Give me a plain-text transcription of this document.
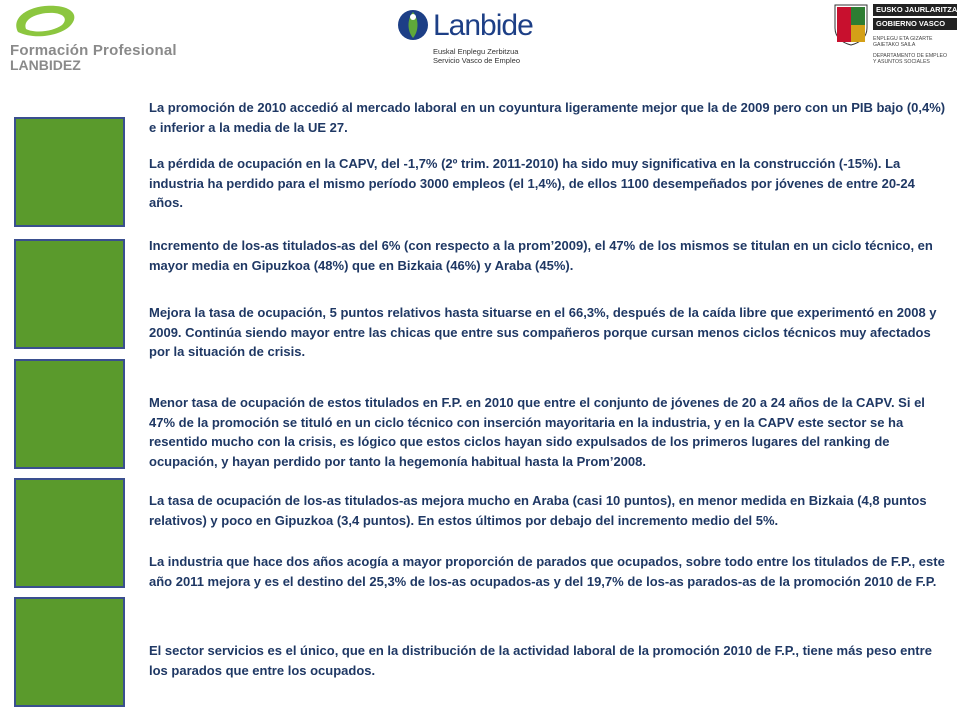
Formación Profesional
LANBIDEZ
Lanbide
Euskal Enplegu Zerbitzua
Servicio Vasco de Empleo
EUSKO JAURLARITZA
GOBIERNO VASCO
ENPLEGU ETA GIZARTE
GAIETAKO SAILA
DEPARTAMENTO DE EMPLEO
Y ASUNTOS SOCIALES

La promoción de 2010 accedió al mercado laboral en un coyuntura ligeramente mejor que la de 2009 pero con un PIB bajo (0,4%) e inferior a la media de la UE 27.

La pérdida de ocupación en la CAPV, del -1,7% (2º trim. 2011-2010) ha sido muy significativa en la construcción (-15%). La industria ha perdido para el mismo período 3000 empleos (el 1,4%), de ellos 1100 desempeñados por jóvenes de entre 20-24 años.

Incremento de los-as titulados-as del 6% (con respecto a la prom’2009), el 47% de los mismos se titulan en un ciclo técnico, en mayor media en Gipuzkoa (48%) que en Bizkaia (46%) y Araba (45%).

Mejora la tasa de ocupación, 5 puntos relativos hasta situarse en el 66,3%, después de la caída libre que experimentó en 2008 y 2009. Continúa siendo mayor entre las chicas que entre sus compañeros porque cursan menos ciclos técnicos muy afectados por la situación de crisis.

Menor tasa de ocupación de estos titulados en F.P. en 2010 que entre el conjunto de jóvenes de 20 a 24 años de la CAPV. Si el 47% de la promoción se tituló en un ciclo técnico con inserción mayoritaria en la industria, y en la CAPV este sector se ha resentido mucho con la crisis, es lógico que estos ciclos hayan sido expulsados de los primeros lugares del ranking de ocupación, y hayan perdido por tanto la hegemonía habitual hasta la Prom’2008.

La tasa de ocupación de los-as titulados-as mejora mucho en Araba (casi 10 puntos), en menor medida en Bizkaia (4,8 puntos relativos) y poco en Gipuzkoa (3,4 puntos). En estos últimos por debajo del incremento medio del 5%.

La industria que hace dos años acogía a mayor proporción de parados que ocupados, sobre todo entre los titulados de F.P., este año 2011 mejora y es el destino del 25,3% de los-as ocupados-as y del 19,7% de los-as parados-as de la promoción 2010 de F.P.

El sector servicios es el único, que en la distribución de la actividad laboral de la promoción 2010 de F.P., tiene más peso entre los parados que entre los ocupados.
